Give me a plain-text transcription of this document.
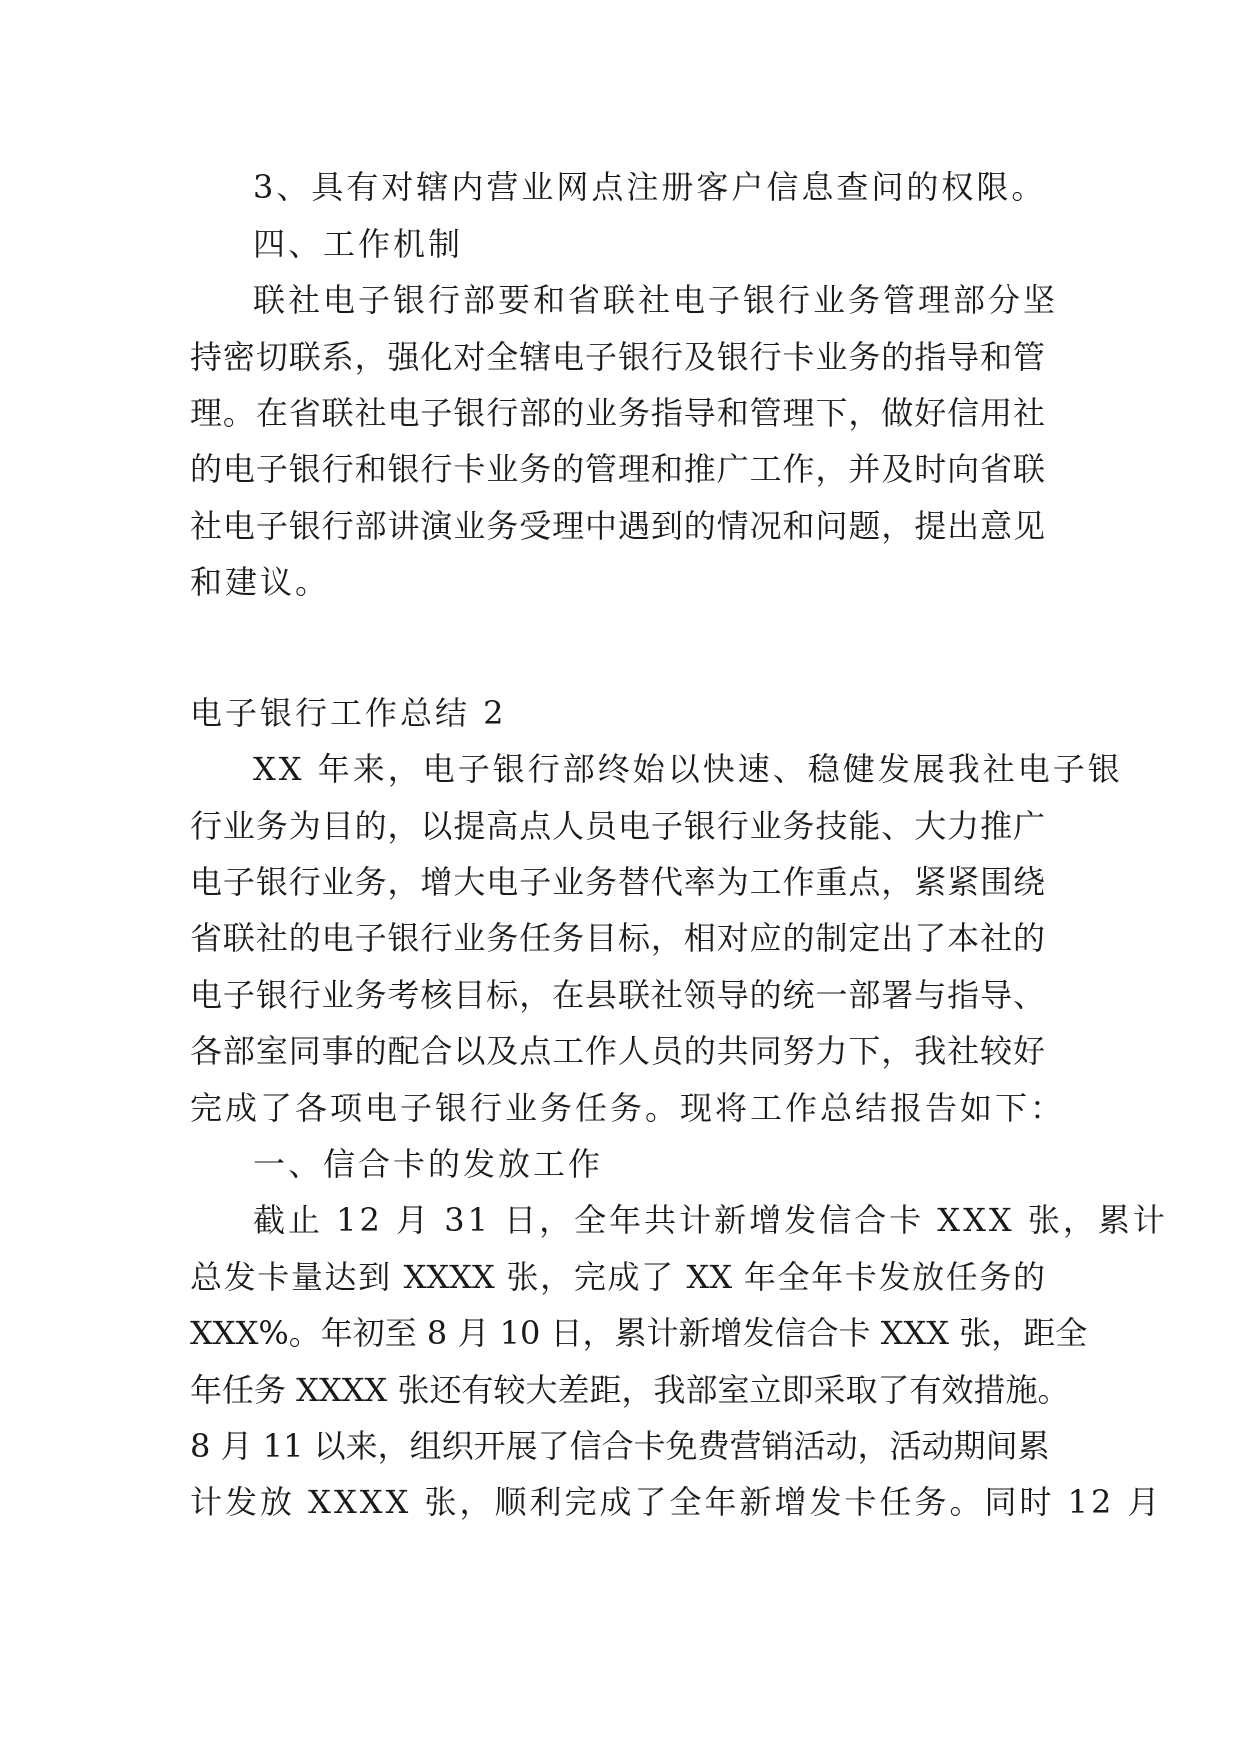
3、具有对辖内营业网点注册客户信息查问的权限。
四、工作机制
联社电子银行部要和省联社电子银行业务管理部分坚
持密切联系，强化对全辖电子银行及银行卡业务的指导和管
理。在省联社电子银行部的业务指导和管理下，做好信用社
的电子银行和银行卡业务的管理和推广工作，并及时向省联
社电子银行部讲演业务受理中遇到的情况和问题，提出意见
和建议。
电子银行工作总结 2
XX 年来，电子银行部终始以快速、稳健发展我社电子银
行业务为目的，以提高点人员电子银行业务技能、大力推广
电子银行业务，增大电子业务替代率为工作重点，紧紧围绕
省联社的电子银行业务任务目标，相对应的制定出了本社的
电子银行业务考核目标，在县联社领导的统一部署与指导、
各部室同事的配合以及点工作人员的共同努力下，我社较好
完成了各项电子银行业务任务。现将工作总结报告如下：
一、信合卡的发放工作
截止 12 月 31 日，全年共计新增发信合卡 XXX 张，累计
总发卡量达到 XXXX 张，完成了 XX 年全年卡发放任务的
XXX%。年初至 8 月 10 日，累计新增发信合卡 XXX 张，距全
年任务 XXXX 张还有较大差距，我部室立即采取了有效措施。
8 月 11 以来，组织开展了信合卡免费营销活动，活动期间累
计发放 XXXX 张，顺利完成了全年新增发卡任务。同时 12 月
